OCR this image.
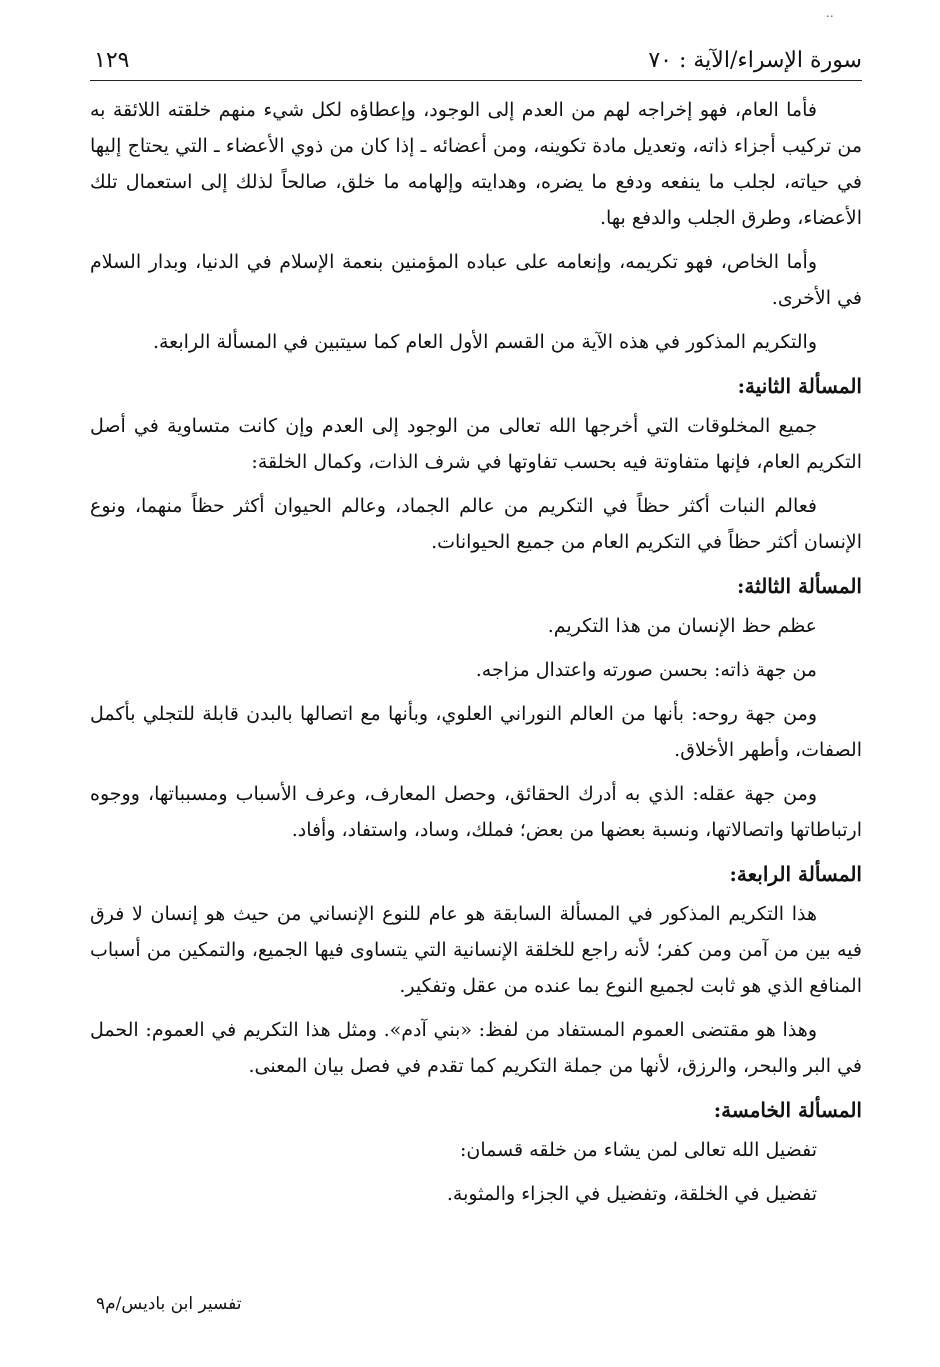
..
سورة الإسراء/الآية : ٧٠
١٢٩

فأما العام، فهو إخراجه لهم من العدم إلى الوجود، وإعطاؤه لكل شيء منهم خلقته اللائقة به من تركيب أجزاء ذاته، وتعديل مادة تكوينه، ومن أعضائه ـ إذا كان من ذوي الأعضاء ـ التي يحتاج إليها في حياته، لجلب ما ينفعه ودفع ما يضره، وهدايته وإلهامه ما خلق، صالحاً لذلك إلى استعمال تلك الأعضاء، وطرق الجلب والدفع بها.

وأما الخاص، فهو تكريمه، وإنعامه على عباده المؤمنين بنعمة الإسلام في الدنيا، وبدار السلام في الأخرى.

والتكريم المذكور في هذه الآية من القسم الأول العام كما سيتبين في المسألة الرابعة.

المسألة الثانية:

جميع المخلوقات التي أخرجها الله تعالى من الوجود إلى العدم وإن كانت متساوية في أصل التكريم العام، فإنها متفاوتة فيه بحسب تفاوتها في شرف الذات، وكمال الخلقة:

فعالم النبات أكثر حظاً في التكريم من عالم الجماد، وعالم الحيوان أكثر حظاً منهما، ونوع الإنسان أكثر حظاً في التكريم العام من جميع الحيوانات.

المسألة الثالثة:

عظم حظ الإنسان من هذا التكريم.

من جهة ذاته: بحسن صورته واعتدال مزاجه.

ومن جهة روحه: بأنها من العالم النوراني العلوي، وبأنها مع اتصالها بالبدن قابلة للتجلي بأكمل الصفات، وأطهر الأخلاق.

ومن جهة عقله: الذي به أدرك الحقائق، وحصل المعارف، وعرف الأسباب ومسبباتها، ووجوه ارتباطاتها واتصالاتها، ونسبة بعضها من بعض؛ فملك، وساد، واستفاد، وأفاد.

المسألة الرابعة:

هذا التكريم المذكور في المسألة السابقة هو عام للنوع الإنساني من حيث هو إنسان لا فرق فيه بين من آمن ومن كفر؛ لأنه راجع للخلقة الإنسانية التي يتساوى فيها الجميع، والتمكين من أسباب المنافع الذي هو ثابت لجميع النوع بما عنده من عقل وتفكير.

وهذا هو مقتضى العموم المستفاد من لفظ: «بني آدم». ومثل هذا التكريم في العموم: الحمل في البر والبحر، والرزق، لأنها من جملة التكريم كما تقدم في فصل بيان المعنى.

المسألة الخامسة:

تفضيل الله تعالى لمن يشاء من خلقه قسمان:

تفضيل في الخلقة، وتفضيل في الجزاء والمثوبة.

تفسير ابن باديس/م٩
